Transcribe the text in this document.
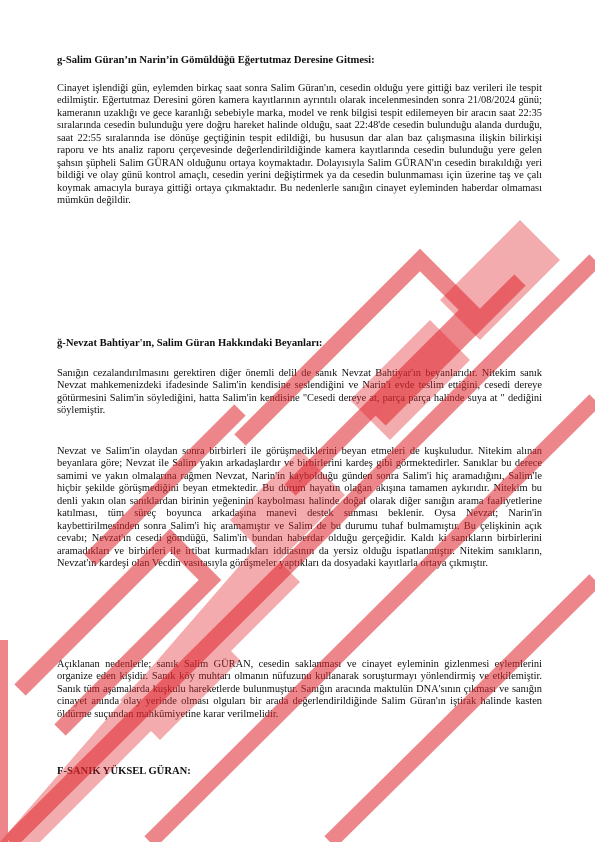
g-Salim Güran’ın Narin’in Gömüldüğü Eğertutmaz Deresine Gitmesi:

Cinayet işlendiği gün, eylemden birkaç saat sonra Salim Güran'ın, cesedin olduğu yere gittiği baz verileri ile tespit edilmiştir. Eğertutmaz Deresini gören kamera kayıtlarının ayrıntılı olarak incelenmesinden sonra 21/08/2024 günü; kameranın uzaklığı ve gece karanlığı sebebiyle marka, model ve renk bilgisi tespit edilemeyen bir aracın saat 22:35 sıralarında cesedin bulunduğu yere doğru hareket halinde olduğu, saat 22:48'de cesedin bulunduğu alanda durduğu, saat 22:55 sıralarında ise dönüşe geçtiğinin tespit edildiği, bu hususun dar alan baz çalışmasına ilişkin bilirkişi raporu ve hts analiz raporu çerçevesinde değerlendirildiğinde kamera kayıtlarında cesedin bulunduğu yere gelen şahsın şüpheli Salim GÜRAN olduğunu ortaya koymaktadır. Dolayısıyla Salim GÜRAN'ın cesedin bırakıldığı yeri bildiği ve olay günü kontrol amaçlı, cesedin yerini değiştirmek ya da cesedin bulunmaması için üzerine taş ve çalı koymak amacıyla buraya gittiği ortaya çıkmaktadır. Bu nedenlerle sanığın cinayet eyleminden haberdar olmaması mümkün değildir.

ğ-Nevzat Bahtiyar'ın, Salim Güran Hakkındaki Beyanları:

Sanığın cezalandırılmasını gerektiren diğer önemli delil de sanık Nevzat Bahtiyar'ın beyanlarıdır. Nitekim sanık Nevzat mahkemenizdeki ifadesinde Salim'in kendisine seslendiğini ve Narin'i evde teslim ettiğini, cesedi dereye götürmesini Salim'in söylediğini, hatta Salim'in kendisine "Cesedi dereye at, parça parça halinde suya at " dediğini söylemiştir.

Nevzat ve Salim'in olaydan sonra birbirleri ile görüşmediklerini beyan etmeleri de kuşkuludur. Nitekim alınan beyanlara göre; Nevzat ile Salim yakın arkadaşlardır ve birbirlerini kardeş gibi görmektedirler. Sanıklar bu derece samimi ve yakın olmalarına rağmen Nevzat, Narin'in kaybolduğu günden sonra Salim'i hiç aramadığını, Salim'le hiçbir şekilde görüşmediğini beyan etmektedir. Bu durum hayatın olağan akışına tamamen aykırıdır. Nitekim bu denli yakın olan sanıklardan birinin yeğeninin kaybolması halinde doğal olarak diğer sanığın arama faaliyetlerine katılması, tüm süreç boyunca arkadaşına manevi destek sunması beklenir. Oysa Nevzat; Narin'in kaybettirilmesinden sonra Salim'i hiç aramamıştır ve Salim de bu durumu tuhaf bulmamıştır. Bu çelişkinin açık cevabı; Nevzat'ın cesedi gömdüğü, Salim'in bundan haberdar olduğu gerçeğidir. Kaldı ki sanıkların birbirlerini aramadıkları ve birbirleri ile irtibat kurmadıkları iddiasının da yersiz olduğu ispatlanmıştır. Nitekim sanıkların, Nevzat'ın kardeşi olan Vecdin vasıtasıyla görüşmeler yaptıkları da dosyadaki kayıtlarla ortaya çıkmıştır.

Açıklanan nedenlerle; sanık Salim GÜRAN, cesedin saklanması ve cinayet eyleminin gizlenmesi eylemlerini organize eden kişidir. Sanık köy muhtarı olmanın nüfuzunu kullanarak soruşturmayı yönlendirmiş ve etkilemiştir. Sanık tüm aşamalarda kuşkulu hareketlerde bulunmuştur. Sanığın aracında maktulün DNA'sının çıkması ve sanığın cinayet anında olay yerinde olması olguları bir arada değerlendirildiğinde Salim Güran'ın iştirak halinde kasten öldürme suçundan mahkûmiyetine karar verilmelidir.

F-SANIK YÜKSEL GÜRAN:
